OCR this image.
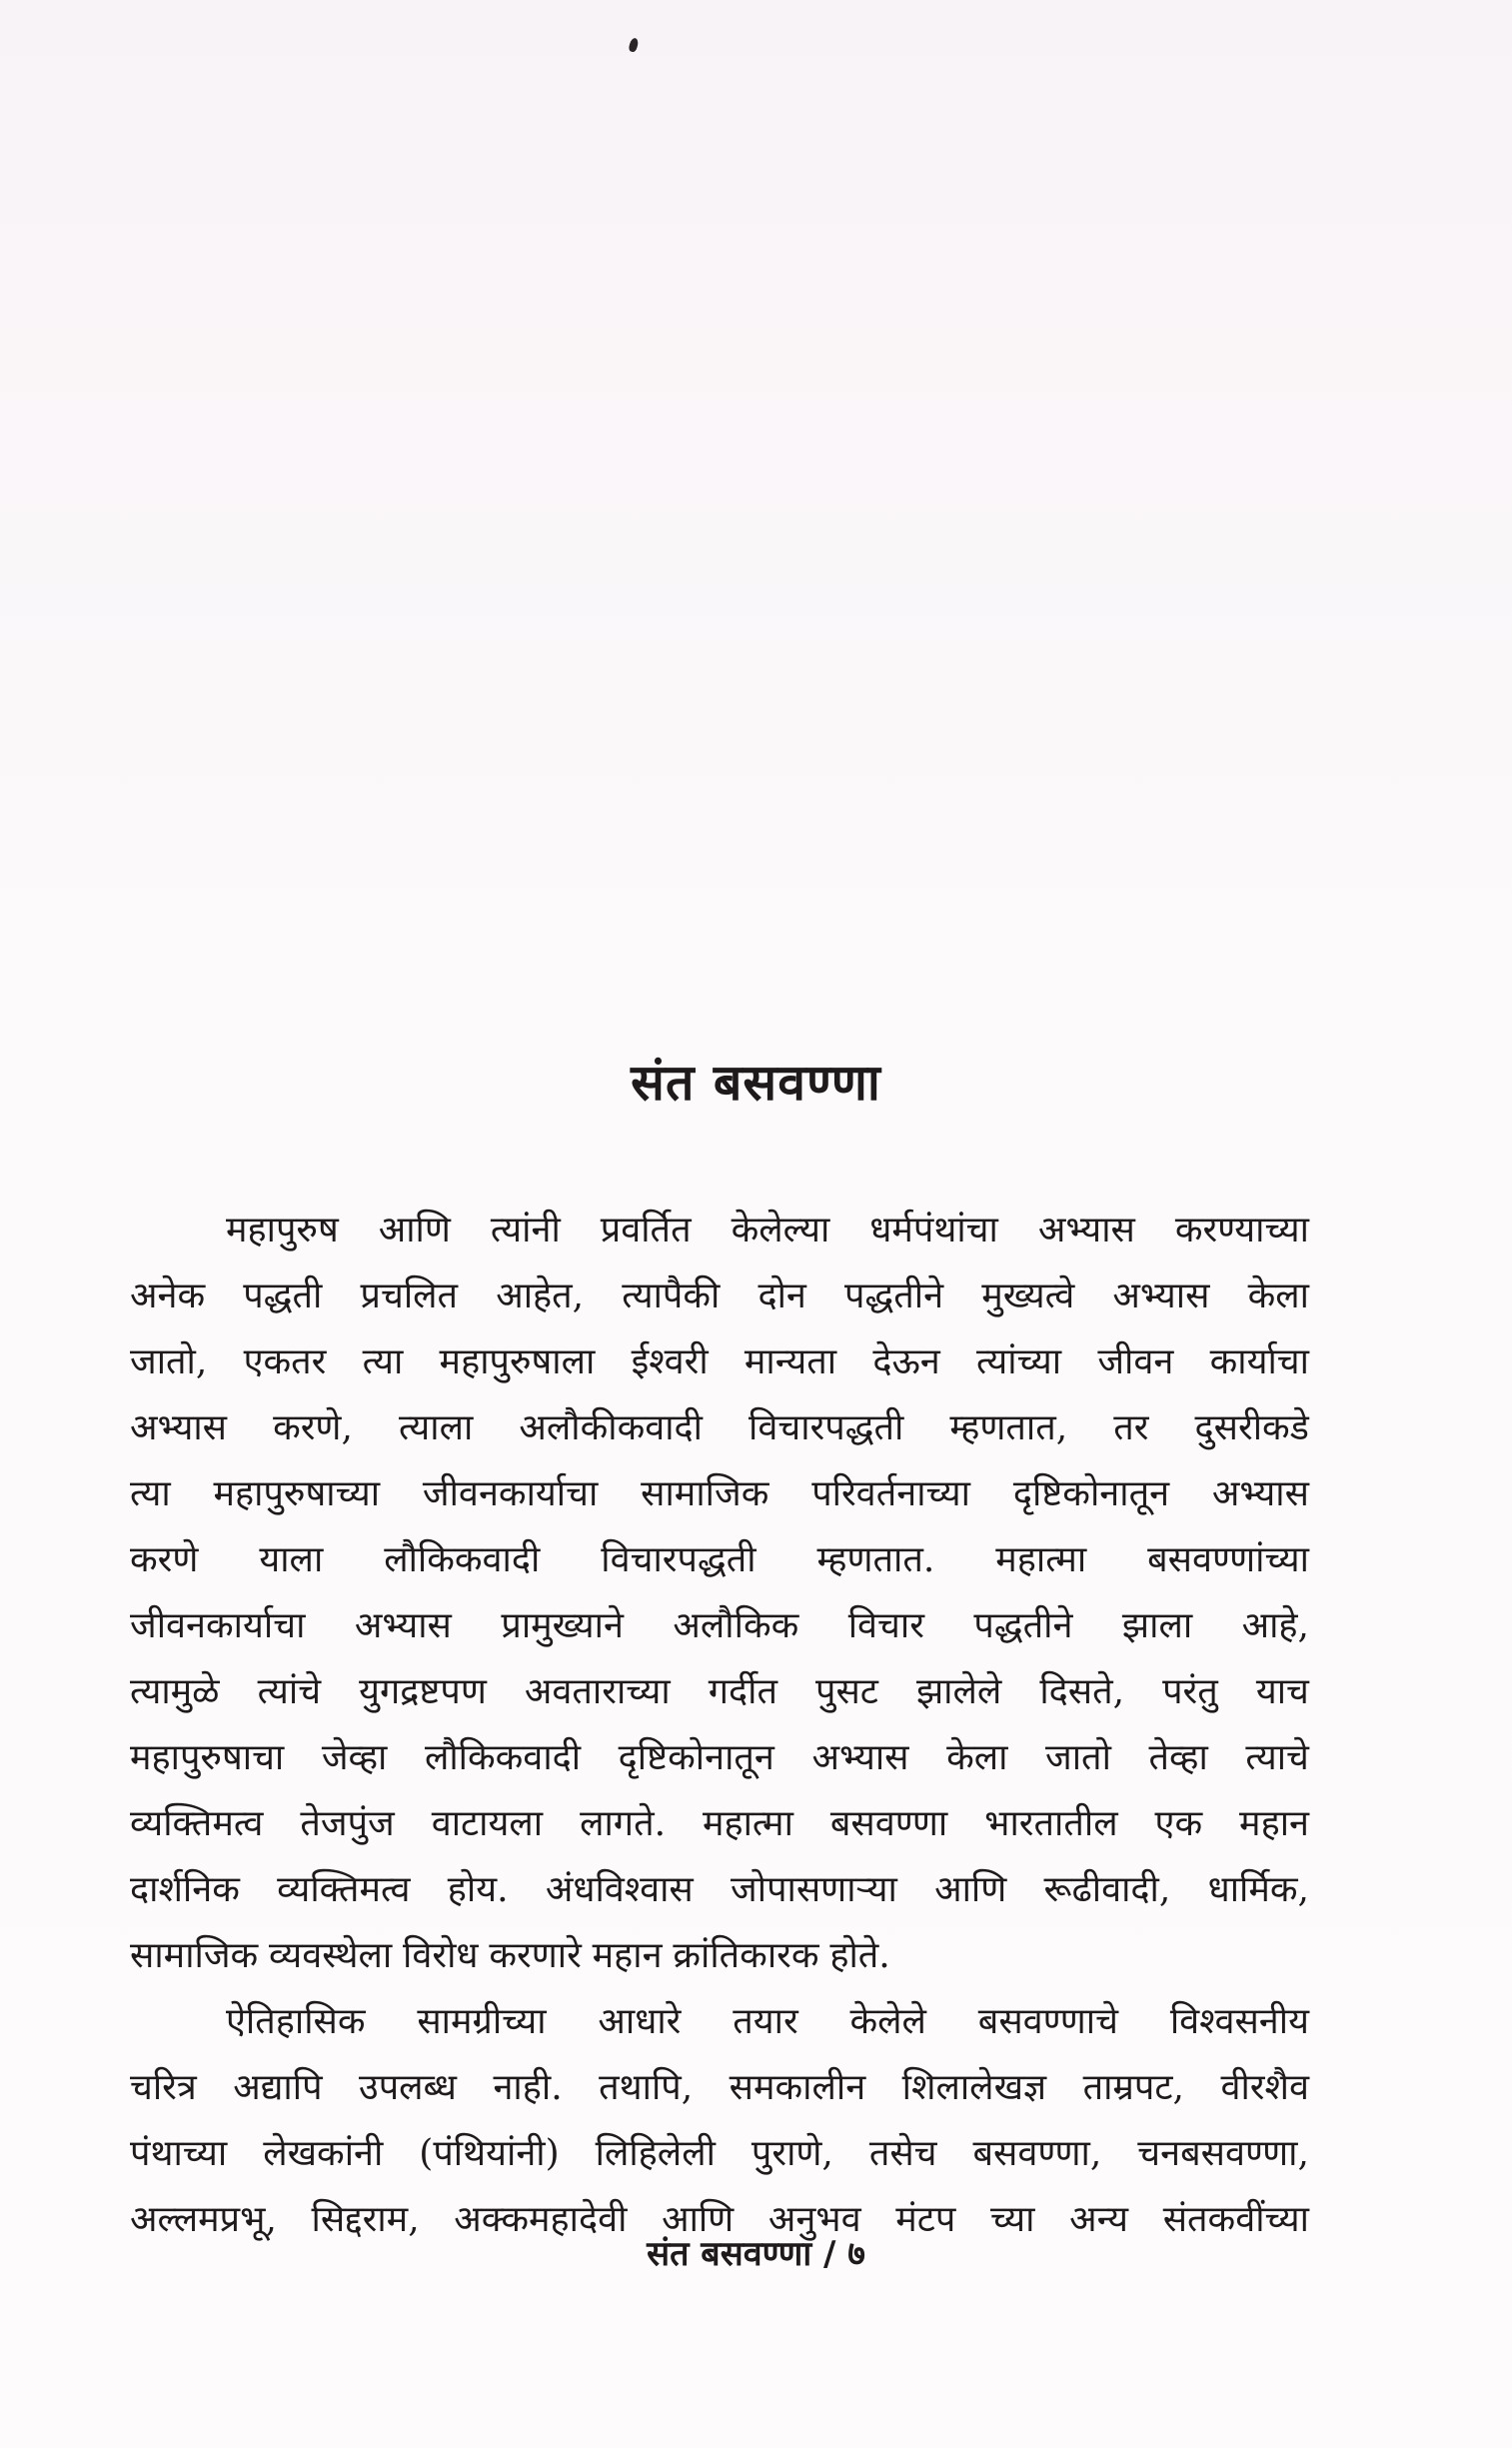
संत बसवण्णा
महापुरुष आणि त्यांनी प्रवर्तित केलेल्या धर्मपंथांचा अभ्यास करण्याच्या
अनेक पद्धती प्रचलित आहेत, त्यापैकी दोन पद्धतीने मुख्यत्वे अभ्यास केला
जातो, एकतर त्या महापुरुषाला ईश्वरी मान्यता देऊन त्यांच्या जीवन कार्याचा
अभ्यास करणे, त्याला अलौकीकवादी विचारपद्धती म्हणतात, तर दुसरीकडे
त्या महापुरुषाच्या जीवनकार्याचा सामाजिक परिवर्तनाच्या दृष्टिकोनातून अभ्यास
करणे याला लौकिकवादी विचारपद्धती म्हणतात. महात्मा बसवण्णांच्या
जीवनकार्याचा अभ्यास प्रामुख्याने अलौकिक विचार पद्धतीने झाला आहे,
त्यामुळे त्यांचे युगद्रष्टपण अवताराच्या गर्दीत पुसट झालेले दिसते, परंतु याच
महापुरुषाचा जेव्हा लौकिकवादी दृष्टिकोनातून अभ्यास केला जातो तेव्हा त्याचे
व्यक्तिमत्व तेजपुंज वाटायला लागते. महात्मा बसवण्णा भारतातील एक महान
दार्शनिक व्यक्तिमत्व होय. अंधविश्वास जोपासणाऱ्या आणि रूढीवादी, धार्मिक,
सामाजिक व्यवस्थेला विरोध करणारे महान क्रांतिकारक होते.
ऐतिहासिक सामग्रीच्या आधारे तयार केलेले बसवण्णाचे विश्वसनीय
चरित्र अद्यापि उपलब्ध नाही. तथापि, समकालीन शिलालेखज्ञ ताम्रपट, वीरशैव
पंथाच्या लेखकांनी (पंथियांनी) लिहिलेली पुराणे, तसेच बसवण्णा, चनबसवण्णा,
अल्लमप्रभू, सिद्दराम, अक्कमहादेवी आणि अनुभव मंटप च्या अन्य संतकवींच्या
संत बसवण्णा / ७
